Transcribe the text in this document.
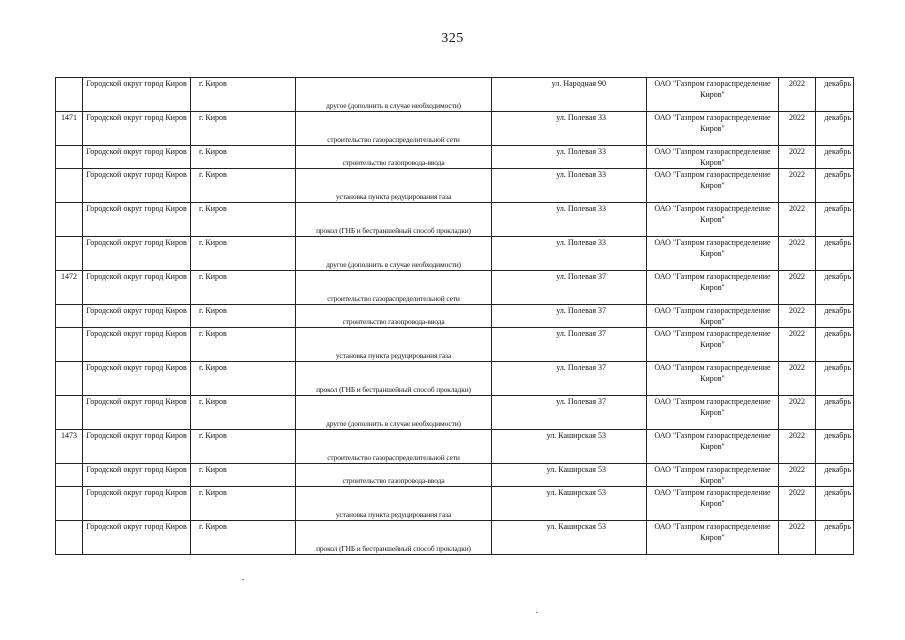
325
	Городской округ город Киров	г. Киров	другое (дополнить в случае необходимости)	ул. Народная 90	ОАО "Газпром газораспределение Киров"	2022	декабрь
1471	Городской округ город Киров	г. Киров	строительство газораспределительной сети	ул. Полевая 33	ОАО "Газпром газораспределение Киров"	2022	декабрь
	Городской округ город Киров	г. Киров	строительство газопровода-ввода	ул. Полевая 33	ОАО "Газпром газораспределение Киров"	2022	декабрь
	Городской округ город Киров	г. Киров	установка пункта редуцирования газа	ул. Полевая 33	ОАО "Газпром газораспределение Киров"	2022	декабрь
	Городской округ город Киров	г. Киров	прокол (ГНБ и бестраншейный способ прокладки)	ул. Полевая 33	ОАО "Газпром газораспределение Киров"	2022	декабрь
	Городской округ город Киров	г. Киров	другое (дополнить в случае необходимости)	ул. Полевая 33	ОАО "Газпром газораспределение Киров"	2022	декабрь
1472	Городской округ город Киров	г. Киров	строительство газораспределительной сети	ул. Полевая 37	ОАО "Газпром газораспределение Киров"	2022	декабрь
	Городской округ город Киров	г. Киров	строительство газопровода-ввода	ул. Полевая 37	ОАО "Газпром газораспределение Киров"	2022	декабрь
	Городской округ город Киров	г. Киров	установка пункта редуцирования газа	ул. Полевая 37	ОАО "Газпром газораспределение Киров"	2022	декабрь
	Городской округ город Киров	г. Киров	прокол (ГНБ и бестраншейный способ прокладки)	ул. Полевая 37	ОАО "Газпром газораспределение Киров"	2022	декабрь
	Городской округ город Киров	г. Киров	другое (дополнить в случае необходимости)	ул. Полевая 37	ОАО "Газпром газораспределение Киров"	2022	декабрь
1473	Городской округ город Киров	г. Киров	строительство газораспределительной сети	ул. Каширская 53	ОАО "Газпром газораспределение Киров"	2022	декабрь
	Городской округ город Киров	г. Киров	строительство газопровода-ввода	ул. Каширская 53	ОАО "Газпром газораспределение Киров"	2022	декабрь
	Городской округ город Киров	г. Киров	установка пункта редуцирования газа	ул. Каширская 53	ОАО "Газпром газораспределение Киров"	2022	декабрь
	Городской округ город Киров	г. Киров	прокол (ГНБ и бестраншейный способ прокладки)	ул. Каширская 53	ОАО "Газпром газораспределение Киров"	2022	декабрь
